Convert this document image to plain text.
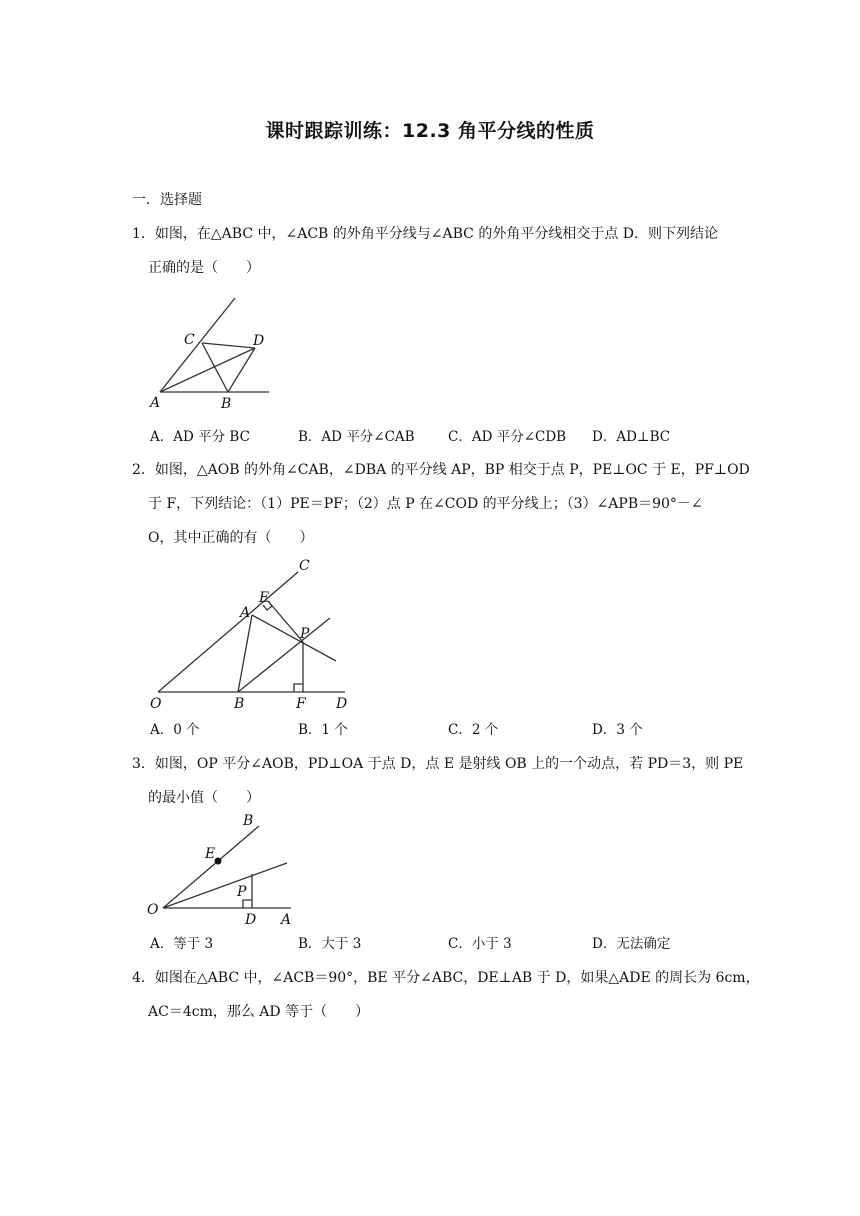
课时跟踪训练：12.3 角平分线的性质
一．选择题
1．如图，在△ABC 中，∠ACB 的外角平分线与∠ABC 的外角平分线相交于点 D．则下列结论
正确的是（　　）
C	D
A	B
A．AD 平分 BC	B．AD 平分∠CAB C．AD 平分∠CDB D．AD⊥BC
2．如图，△AOB 的外角∠CAB，∠DBA 的平分线 AP，BP 相交于点 P，PE⊥OC 于 E，PF⊥OD
于 F，下列结论：（1）PE＝PF；（2）点 P 在∠COD 的平分线上；（3）∠APB＝90°－∠
O，其中正确的有（　　）
C
E
A
P
O	B	F D
A．0 个	B．1 个	C．2 个	D．3 个
3．如图，OP 平分∠AOB，PD⊥OA 于点 D，点 E 是射线 OB 上的一个动点，若 PD＝3，则 PE
的最小值（　　）
B
E
P
O
D A
A．等于 3	B．大于 3	C．小于 3	D．无法确定
4．如图在△ABC 中，∠ACB＝90°，BE 平分∠ABC，DE⊥AB 于 D，如果△ADE 的周长为 6cm，
AC＝4cm，那么 AD 等于（　　）
